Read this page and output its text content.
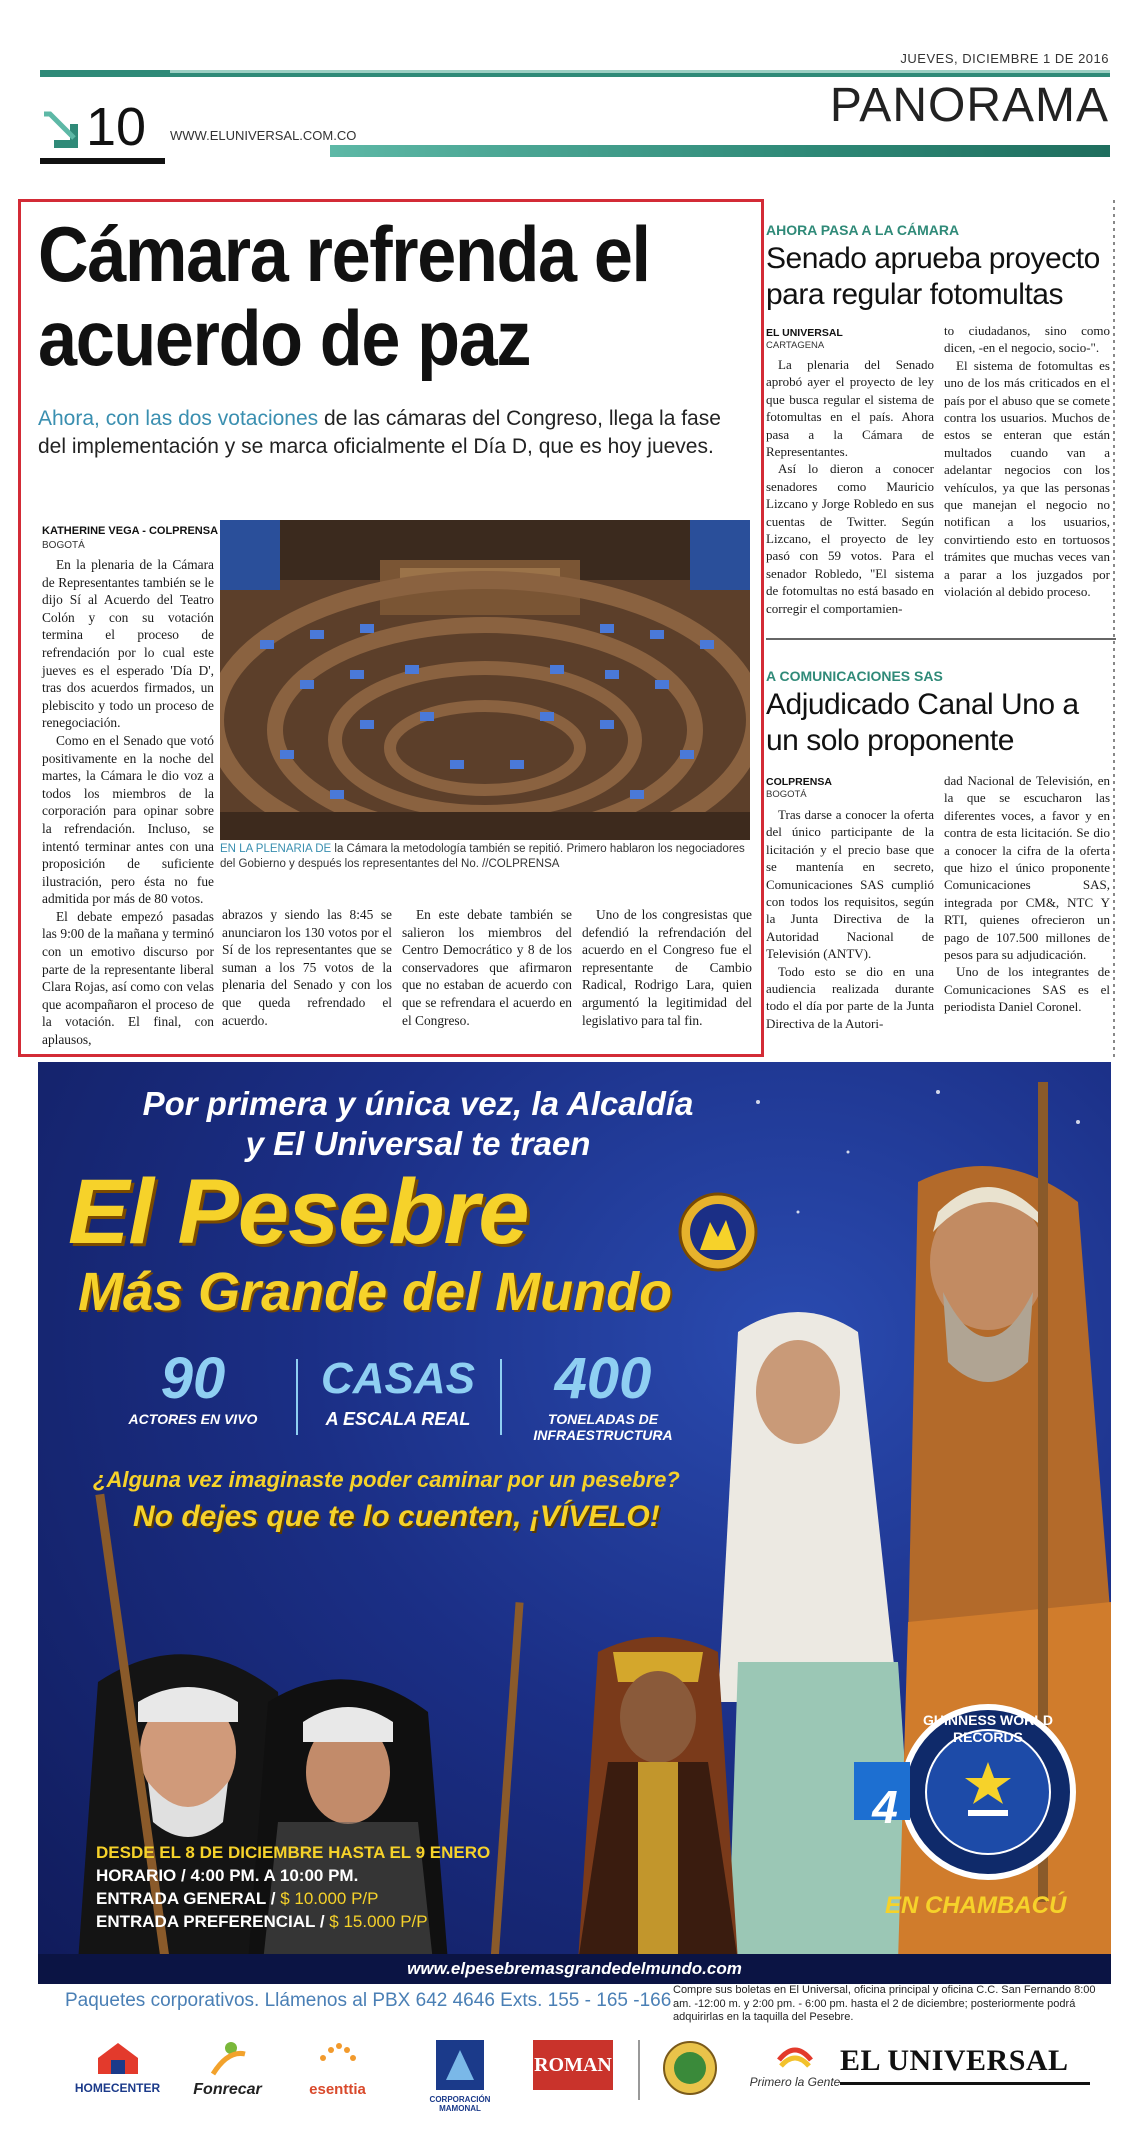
JUEVES, DICIEMBRE 1 DE 2016
PANORAMA
10 WWW.ELUNIVERSAL.COM.CO
Cámara refrenda el acuerdo de paz
Ahora, con las dos votaciones de las cámaras del Congreso, llega la fase del implementación y se marca oficialmente el Día D, que es hoy jueves.
KATHERINE VEGA - COLPRENSA
BOGOTÁ

En la plenaria de la Cámara de Representantes también se le dijo Sí al Acuerdo del Teatro Colón y con su votación termina el proceso de refrendación por lo cual este jueves es el esperado 'Día D', tras dos acuerdos firmados, un plebiscito y todo un proceso de renegociación.

Como en el Senado que votó positivamente en la noche del martes, la Cámara le dio voz a todos los miembros de la corporación para opinar sobre la refrendación. Incluso, se intentó terminar antes con una proposición de suficiente ilustración, pero ésta no fue admitida por más de 80 votos.

El debate empezó pasadas las 9:00 de la mañana y terminó con un emotivo discurso por parte de la representante liberal Clara Rojas, así como con velas que acompañaron el proceso de la votación. El final, con aplausos,

EN LA PLENARIA DE la Cámara la metodología también se repitió. Primero hablaron los negociadores del Gobierno y después los representantes del No. //COLPRENSA

abrazos y siendo las 8:45 se anunciaron los 130 votos por el Sí de los representantes que se suman a los 75 votos de la plenaria del Senado y con los que queda refrendado el acuerdo.

En este debate también se salieron los miembros del Centro Democrático y 8 de los conservadores que afirmaron que no estaban de acuerdo con que se refrendara el acuerdo en el Congreso.

Uno de los congresistas que defendió la refrendación del acuerdo en el Congreso fue el representante de Cambio Radical, Rodrigo Lara, quien argumentó la legitimidad del legislativo para tal fin.

AHORA PASA A LA CÁMARA
Senado aprueba proyecto para regular fotomultas
EL UNIVERSAL
CARTAGENA

La plenaria del Senado aprobó ayer el proyecto de ley que busca regular el sistema de fotomultas en el país. Ahora pasa a la Cámara de Representantes.

Así lo dieron a conocer senadores como Mauricio Lizcano y Jorge Robledo en sus cuentas de Twitter. Según Lizcano, el proyecto de ley pasó con 59 votos. Para el senador Robledo, "El sistema de fotomultas no está basado en corregir el comportamien-

to ciudadanos, sino como dicen, -en el negocio, socio-".

El sistema de fotomultas es uno de los más criticados en el país por el abuso que se comete contra los usuarios. Muchos de estos se enteran que están multados cuando van a adelantar negocios con los vehículos, ya que las personas que manejan el negocio no notifican a los usuarios, convirtiendo esto en tortuosos trámites que muchas veces van a parar a los juzgados por violación al debido proceso.

A COMUNICACIONES SAS
Adjudicado Canal Uno a un solo proponente
COLPRENSA
BOGOTÁ

Tras darse a conocer la oferta del único participante de la licitación y el precio base que se mantenía en secreto, Comunicaciones SAS cumplió con todos los requisitos, según la Junta Directiva de la Autoridad Nacional de Televisión (ANTV).

Todo esto se dio en una audiencia realizada durante todo el día por parte de la Junta Directiva de la Autori-

dad Nacional de Televisión, en la que se escucharon las diferentes voces, a favor y en contra de esta licitación. Se dio a conocer la cifra de la oferta que hizo el único proponente Comunicaciones SAS, integrada por CM&, NTC Y RTI, quienes ofrecieron un pago de 107.500 millones de pesos para su adjudicación.

Uno de los integrantes de Comunicaciones SAS es el periodista Daniel Coronel.

Por primera y única vez, la Alcaldía y El Universal te traen
El Pesebre
Más Grande del Mundo
90
ACTORES EN VIVO
CASAS
A ESCALA REAL
400
TONELADAS DE INFRAESTRUCTURA
¿Alguna vez imaginaste poder caminar por un pesebre?
No dejes que te lo cuenten, ¡VÍVELO!
4
GUINNESS WORLD RECORDS
DESDE EL 8 DE DICIEMBRE HASTA EL 9 ENERO
HORARIO / 4:00 PM. A 10:00 PM.
ENTRADA GENERAL / $ 10.000 P/P
ENTRADA PREFERENCIAL / $ 15.000 P/P
EN CHAMBACÚ
www.elpesebremasgrandedelmundo.com
Paquetes corporativos. Llámenos al PBX 642 4646 Exts. 155 - 165 -166 Compre sus boletas en El Universal, oficina principal y oficina C.C. San Fernando 8:00 am. -12:00 m. y 2:00 pm. - 6:00 pm. hasta el 2 de diciembre; posteriormente podrá adquirirlas en la taquilla del Pesebre.
HOMECENTER	Fonrecar	esenttia
CORPORACIÓN MAMONAL
ROMAN
Primero la Gente
EL UNIVERSAL
